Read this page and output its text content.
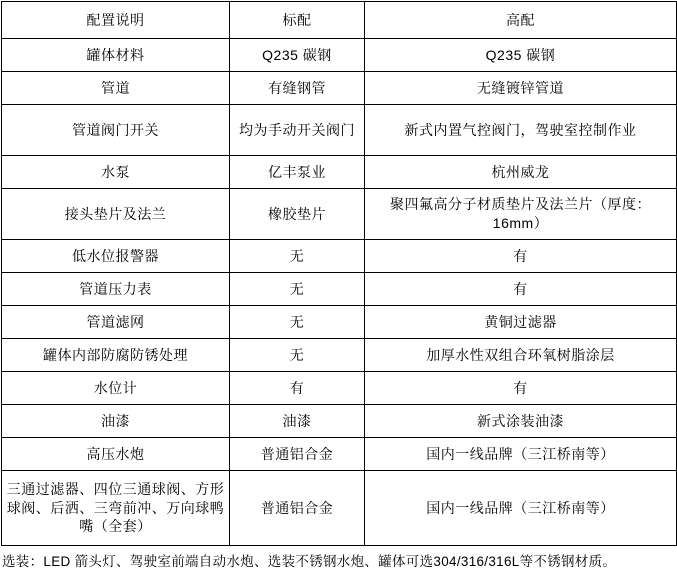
配置说明	标配	高配
罐体材料	Q235 碳钢	Q235 碳钢
管道	有缝钢管	无缝镀锌管道
管道阀门开关	均为手动开关阀门	新式内置气控阀门，驾驶室控制作业
水泵	亿丰泵业	杭州威龙
接头垫片及法兰	橡胶垫片	聚四氟高分子材质垫片及法兰片（厚度：16mm）
低水位报警器	无	有
管道压力表	无	有
管道滤网	无	黄铜过滤器
罐体内部防腐防锈处理	无	加厚水性双组合环氧树脂涂层
水位计	有	有
油漆	油漆	新式涂装油漆
高压水炮	普通铝合金	国内一线品牌（三江桥南等）
三通过滤器、四位三通球阀、方形球阀、后洒、三弯前冲、万向球鸭嘴（全套）	普通铝合金	国内一线品牌（三江桥南等）
选装：LED 箭头灯、驾驶室前端自动水炮、选装不锈钢水炮、罐体可选304/316/316L等不锈钢材质。
